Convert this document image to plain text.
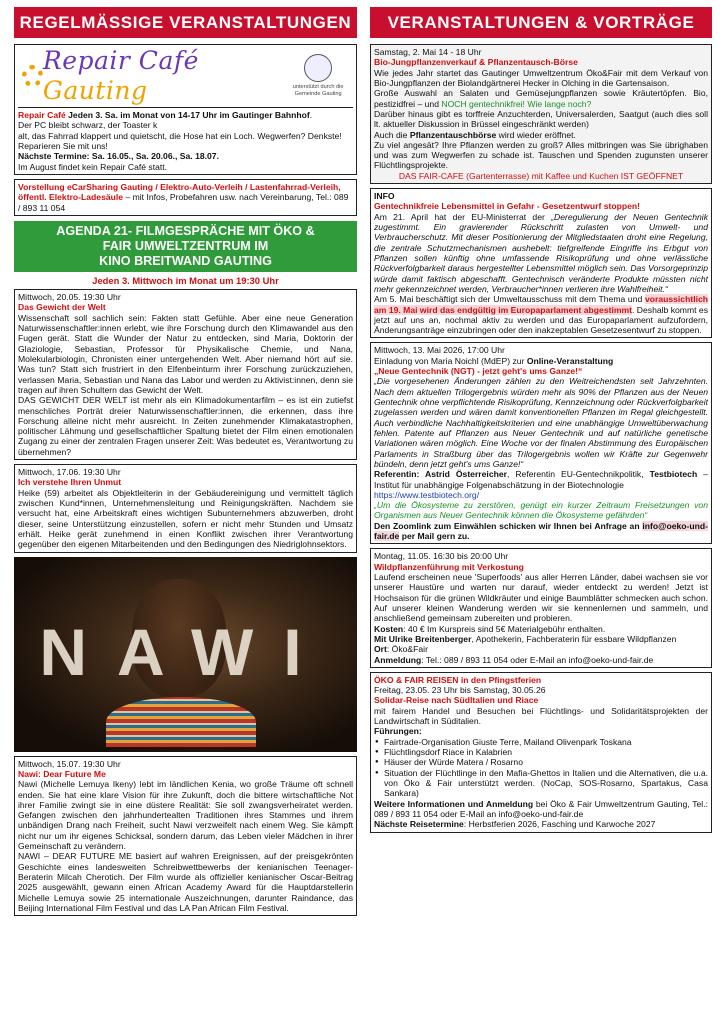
REGELMÄSSIGE VERANSTALTUNGEN
Repair Café Gauting	unterstützt durch die
Gemeinde Gauting
Repair Café Jeden 3. Sa. im Monat von 14-17 Uhr im Gautinger Bahnhof.
Der PC bleibt schwarz, der Toaster k
alt, das Fahrrad klappert und quietscht, die Hose hat ein Loch. Wegwerfen? Denkste! Reparieren Sie mit uns!
Nächste Termine: Sa. 16.05., Sa. 20.06., Sa. 18.07.
Im August findet kein Repair Café statt.
Vorstellung eCarSharing Gauting / Elektro-Auto-Verleih / Lastenfahrrad-Verleih, öffentl. Elektro-Ladesäule – mit Infos, Probefahren usw. nach Vereinbarung, Tel.: 089 / 893 11 054
AGENDA 21- FILMGESPRÄCHE MIT ÖKO &
FAIR UMWELTZENTRUM IM
KINO BREITWAND GAUTING
Jeden 3. Mittwoch im Monat um 19:30 Uhr
Mittwoch, 20.05. 19:30 Uhr
Das Gewicht der Welt
Wissenschaft soll sachlich sein: Fakten statt Gefühle. Aber eine neue Generation Naturwissenschaftler:innen erlebt, wie ihre Forschung durch den Klimawandel aus den Fugen gerät. Statt die Wunder der Natur zu entdecken, sind Maria, Doktorin der Glaziologie, Sebastian, Professor für Physikalische Chemie, und Nana, Molekularbiologin, Chronisten einer untergehenden Welt. Aber niemand hört auf sie. Was tun? Statt sich frustriert in den Elfenbeinturm ihrer Forschung zurückzuziehen, verlassen Maria, Sebastian und Nana das Labor und werden zu Aktivist:innen, denn sie tragen auf ihren Schultern das Gewicht der Welt.
DAS GEWICHT DER WELT ist mehr als ein Klimadokumentarfilm – es ist ein zutiefst menschliches Porträt dreier Naturwissenschaftler:innen, die erkennen, dass ihre Forschung alleine nicht mehr ausreicht. In Zeiten zunehmender Klimakatastrophen, politischer Lähmung und gesellschaftlicher Spaltung bietet der Film einen emotionalen Zugang zu einer der zentralen Fragen unserer Zeit: Was bedeutet es, Verantwortung zu übernehmen?
Mittwoch, 17.06. 19:30 Uhr
Ich verstehe Ihren Unmut
Heike (59) arbeitet als Objektleiterin in der Gebäudereinigung und vermittelt täglich zwischen Kund*innen, Unternehmensleitung und Reinigungskräften. Nachdem sie versucht hat, eine Arbeitskraft eines wichtigen Subunternehmers abzuwerben, droht dieser, seine Unterstützung einzustellen, sofern er nicht mehr Stunden und Umsatz erhält. Heike gerät zunehmend in einen Konflikt zwischen ihrer Verantwortung gegenüber den eigenen Mitarbeitenden und den Bedingungen des Niedriglohnsektors.
NAWI
Mittwoch, 15.07. 19:30 Uhr
Nawi: Dear Future Me
Nawi (Michelle Lemuya Ikeny) lebt im ländlichen Kenia, wo große Träume oft schnell enden. Sie hat eine klare Vision für ihre Zukunft, doch die bittere wirtschaftliche Not ihrer Familie zwingt sie in eine düstere Realität: Sie soll zwangsverheiratet werden. Gefangen zwischen den jahrhundertealten Traditionen ihres Stammes und ihrem unbändigen Drang nach Freiheit, sucht Nawi verzweifelt nach einem Weg. Sie kämpft nicht nur um ihr eigenes Schicksal, sondern darum, das Leben vieler Mädchen in ihrer Gemeinschaft zu verändern.
NAWI – DEAR FUTURE ME basiert auf wahren Ereignissen, auf der preisgekrönten Geschichte eines landesweiten Schreibwettbewerbs der kenianischen Teenager-Beraterin Milcah Cherotich. Der Film wurde als offizieller kenianischer Oscar-Beitrag 2025 ausgewählt, gewann einen African Academy Award für die Hauptdarstellerin Michelle Lemuya sowie 25 internationale Auszeichnungen, darunter Raindance, das Beijing International Film Festival und das LA Pan African Film Festival.
VERANSTALTUNGEN & VORTRÄGE
Samstag, 2. Mai 14 - 18 Uhr
Bio-Jungpflanzenverkauf & Pflanzentausch-Börse
Wie jedes Jahr startet das Gautinger Umweltzentrum Öko&Fair mit dem Verkauf von Bio-Jungpflanzen der Biolandgärtnerei Hecker in Olching in die Gartensaison.
Große Auswahl an Salaten und Gemüsejungpflanzen sowie Kräutertöpfen. Bio, pestizidfrei – und NOCH gentechnikfrei! Wie lange noch?
Darüber hinaus gibt es torffreie Anzuchterden, Universalerden, Saatgut (auch dies soll lt. aktueller Diskussion in Brüssel eingeschränkt werden)
Auch die Pflanzentauschbörse wird wieder eröffnet.
Zu viel angesät? Ihre Pflanzen werden zu groß? Alles mitbringen was Sie übrighaben und was zum Wegwerfen zu schade ist. Tauschen und Spenden zugunsten unserer Flüchtlingsprojekte.
DAS FAIR-CAFE (Gartenterrasse) mit Kaffee und Kuchen IST GEÖFFNET
INFO
Gentechnikfreie Lebensmittel in Gefahr - Gesetzentwurf stoppen!
Am 21. April hat der EU-Ministerrat der „Deregulierung der Neuen Gentechnik zugestimmt. Ein gravierender Rückschritt zulasten von Umwelt- und Verbraucherschutz. Mit dieser Positionierung der Mitgliedstaaten droht eine Regelung, die zentrale Schutzmechanismen aushebelt: tiefgreifende Eingriffe ins Erbgut von Pflanzen sollen künftig ohne umfassende Risikoprüfung und ohne verlässliche Rückverfolgbarkeit daraus hergestellter Lebensmittel möglich sein. Das Vorsorgeprinzip würde damit faktisch abgeschafft. Gentechnisch veränderte Produkte müssten nicht mehr gekennzeichnet werden, Verbraucher*innen verlieren ihre Wahlfreiheit.“
Am 5. Mai beschäftigt sich der Umweltausschuss mit dem Thema und voraussichtlich am 19. Mai wird das endgültig im Europaparlament abgestimmt. Deshalb kommt es jetzt auf uns an, nochmal aktiv zu werden und das Europaparlament aufzufordern, Änderungsanträge einzubringen oder den inakzeptablen Gesetzesentwurf zu stoppen.
Mittwoch, 13. Mai 2026, 17:00 Uhr
Einladung von Maria Noichl (MdEP) zur Online-Veranstaltung
„Neue Gentechnik (NGT) - jetzt geht's ums Ganze!“
„Die vorgesehenen Änderungen zählen zu den Weitreichendsten seit Jahrzehnten. Nach dem aktuellen Trilogergebnis würden mehr als 90% der Pflanzen aus der Neuen Gentechnik ohne verpflichtende Risikoprüfung, Kennzeichnung oder Rückverfolgbarkeit zugelassen werden und wären damit konventionellen Pflanzen im Regal gleichgestellt. Auch verbindliche Nachhaltigkeitskriterien und eine unabhängige Umweltüberwachung fehlen. Patente auf Pflanzen aus Neuer Gentechnik und auf natürliche genetische Variationen wären möglich. Eine Woche vor der finalen Abstimmung des Europäischen Parlaments in Straßburg über das Trilogergebnis wollen wir Kräfte zur Gegenwehr bündeln, denn jetzt geht's ums Ganze!“
Referentin: Astrid Österreicher, Referentin EU-Gentechnikpolitik, Testbiotech – Institut für unabhängige Folgenabschätzung in der Biotechnologie
https://www.testbiotech.org/
„Um die Ökosysteme zu zerstören, genügt ein kurzer Zeitraum Freisetzungen von Organismen aus Neuer Gentechnik können die Ökosysteme gefährden“
Den Zoomlink zum Einwählen schicken wir Ihnen bei Anfrage an info@oeko-und-fair.de per Mail gern zu.
Montag, 11.05. 16:30 bis 20:00 Uhr
Wildpflanzenführung mit Verkostung
Laufend erscheinen neue 'Superfoods' aus aller Herren Länder, dabei wachsen sie vor unserer Haustüre und warten nur darauf, wieder entdeckt zu werden! Jetzt ist Hochsaison für die grünen Wildkräuter und einige Baumblätter schmecken auch schon. Auf unserer kleinen Wanderung werden wir sie kennenlernen und sammeln, und anschließend gemeinsam zubereiten und probieren.
Kosten: 40 € Im Kurspreis sind 5€ Materialgebühr enthalten.
Mit Ulrike Breitenberger, Apothekerin, Fachberaterin für essbare Wildpflanzen
Ort: Öko&Fair
Anmeldung: Tel.: 089 / 893 11 054 oder E-Mail an info@oeko-und-fair.de
ÖKO & FAIR REISEN in den Pfingstferien
Freitag, 23.05. 23 Uhr bis Samstag, 30.05.26
Solidar-Reise nach SüdItalien und Riace
mit fairem Handel und Besuchen bei Flüchtlings- und Solidaritätsprojekten der Landwirtschaft in Süditalien.
Führungen:
● Fairtrade-Organisation Giuste Terre, Mailand Olivenpark Toskana
● Flüchtlingsdorf Riace in Kalabrien
● Häuser der Würde Matera / Rosarno
● Situation der Flüchtlinge in den Mafia-Ghettos in Italien und die Alternativen, die u.a. von Öko & Fair unterstützt werden. (NoCap, SOS-Rosarno, Spartakus, Casa Sankara)
Weitere Informationen und Anmeldung bei Öko & Fair Umweltzentrum Gauting, Tel.: 089 / 893 11 054 oder E-Mail an info@oeko-und-fair.de
Nächste Reisetermine: Herbstferien 2026, Fasching und Karwoche 2027
